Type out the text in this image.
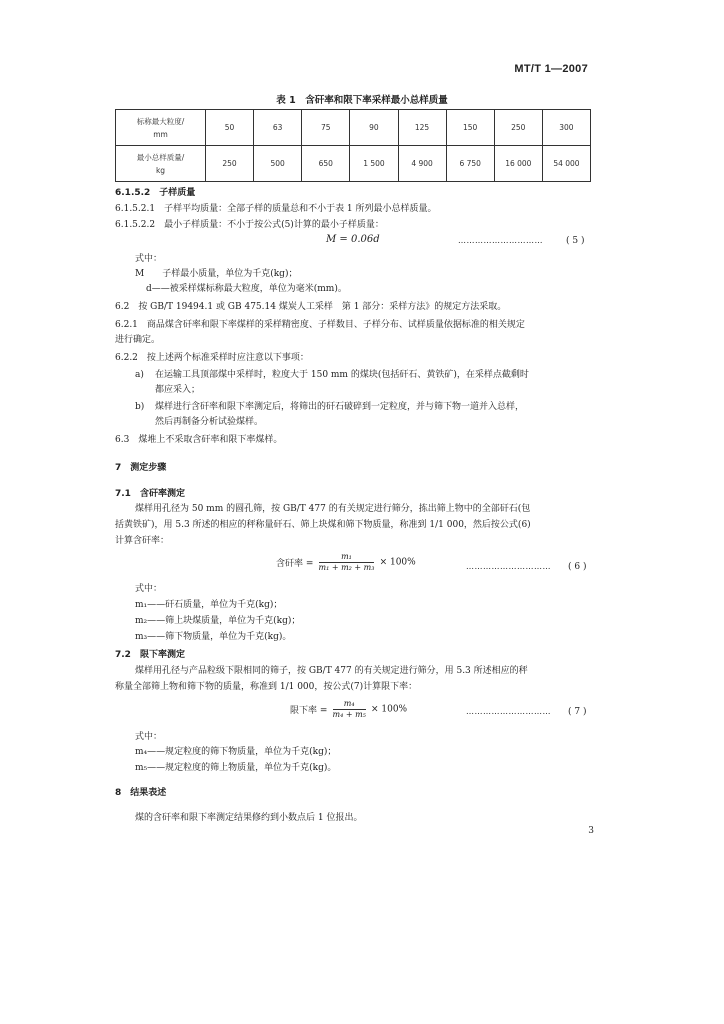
MT/T 1—2007
表 1　含矸率和限下率采样最小总样质量
标称最大粒度/
mm	50	63	75	90	125	150	250	300
最小总样质量/
kg	250	500	650	1 500	4 900	6 750	16 000	54 000
6.1.5.2　子样质量
6.1.5.2.1　子样平均质量：全部子样的质量总和不小于表 1 所列最小总样质量。
6.1.5.2.2　最小子样质量：不小于按公式(5)计算的最小子样质量：
M = 0.06d	…………………………	( 5 )
式中：
M　　子样最小质量，单位为千克(kg)；
d——被采样煤标称最大粒度，单位为毫米(mm)。
6.2　按 GB/T 19494.1 或 GB 475.14 煤炭人工采样　第 1 部分：采样方法》的规定方法采取。
6.2.1　商品煤含矸率和限下率煤样的采样精密度、子样数目、子样分布、试样质量依据标准的相关规定
进行确定。
6.2.2　按上述两个标准采样时应注意以下事项：
a) 在运输工具顶部煤中采样时，粒度大于 150 mm 的煤块(包括矸石、黄铁矿)，在采样点截剩时
都应采入；
b) 煤样进行含矸率和限下率测定后，将筛出的矸石破碎到一定粒度，并与筛下物一道并入总样，
然后再制备分析试验煤样。
6.3　煤堆上不采取含矸率和限下率煤样。
7　测定步骤
7.1　含矸率测定
煤样用孔径为 50 mm 的圆孔筛，按 GB/T 477 的有关规定进行筛分，拣出筛上物中的全部矸石(包
括黄铁矿)，用 5.3 所述的相应的秤称量矸石、筛上块煤和筛下物质量，称准到 1/1 000，然后按公式(6)
计算含矸率：
含矸率 = $\frac{\text{m₁}}{\text{m₁ + m₂ + m₃}} \times 100\%$	………………………… ( 6 )
式中：
m₁——矸石质量，单位为千克(kg)；
m₂——筛上块煤质量，单位为千克(kg)；
m₃——筛下物质量，单位为千克(kg)。
7.2　限下率测定
煤样用孔径与产品粒级下限相同的筛子，按 GB/T 477 的有关规定进行筛分，用 5.3 所述相应的秤
称量全部筛上物和筛下物的质量，称准到 1/1 000，按公式(7)计算限下率：
限下率 = $\frac{\text{m₄}}{\text{m₄ + m₅}} \times 100\%$	………………………… ( 7 )
式中：
m₄——规定粒度的筛下物质量，单位为千克(kg)；
m₅——规定粒度的筛上物质量，单位为千克(kg)。
8　结果表述
煤的含矸率和限下率测定结果修约到小数点后 1 位报出。
3
